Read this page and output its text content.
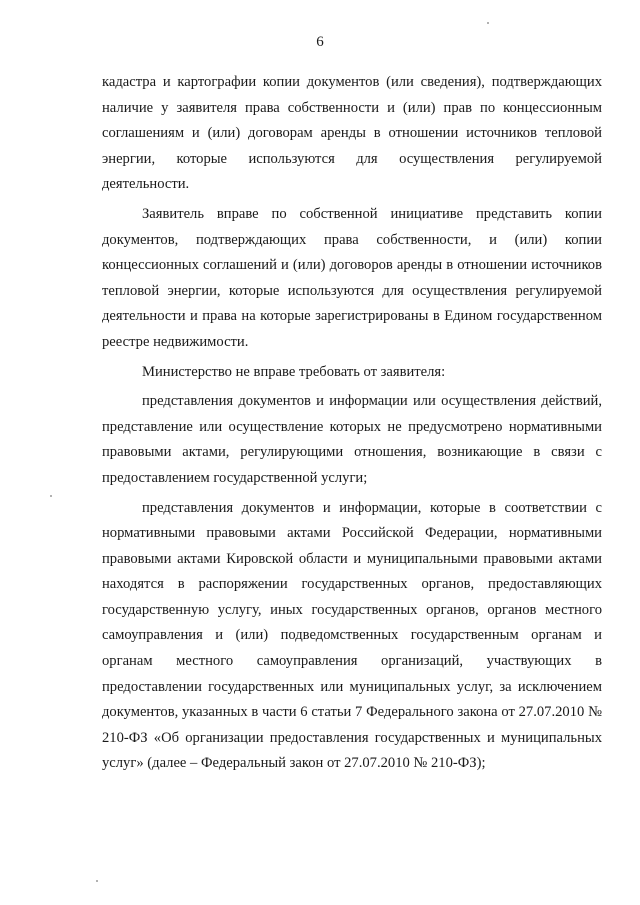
6

кадастра и картографии копии документов (или сведения), подтверждающих наличие у заявителя права собственности и (или) прав по концессионным соглашениям и (или) договорам аренды в отношении источников тепловой энергии, которые используются для осуществления регулируемой деятельности.

Заявитель вправе по собственной инициативе представить копии документов, подтверждающих права собственности, и (или) копии концессионных соглашений и (или) договоров аренды в отношении источников тепловой энергии, которые используются для осуществления регулируемой деятельности и права на которые зарегистрированы в Едином государственном реестре недвижимости.

Министерство не вправе требовать от заявителя:

представления документов и информации или осуществления действий, представление или осуществление которых не предусмотрено нормативными правовыми актами, регулирующими отношения, возникающие в связи с предоставлением государственной услуги;

представления документов и информации, которые в соответствии с нормативными правовыми актами Российской Федерации, нормативными правовыми актами Кировской области и муниципальными правовыми актами находятся в распоряжении государственных органов, предоставляющих государственную услугу, иных государственных органов, органов местного самоуправления и (или) подведомственных государственным органам и органам местного самоуправления организаций, участвующих в предоставлении государственных или муниципальных услуг, за исключением документов, указанных в части 6 статьи 7 Федерального закона от 27.07.2010 № 210-ФЗ «Об организации предоставления государственных и муниципальных услуг» (далее – Федеральный закон от 27.07.2010 № 210-ФЗ);
